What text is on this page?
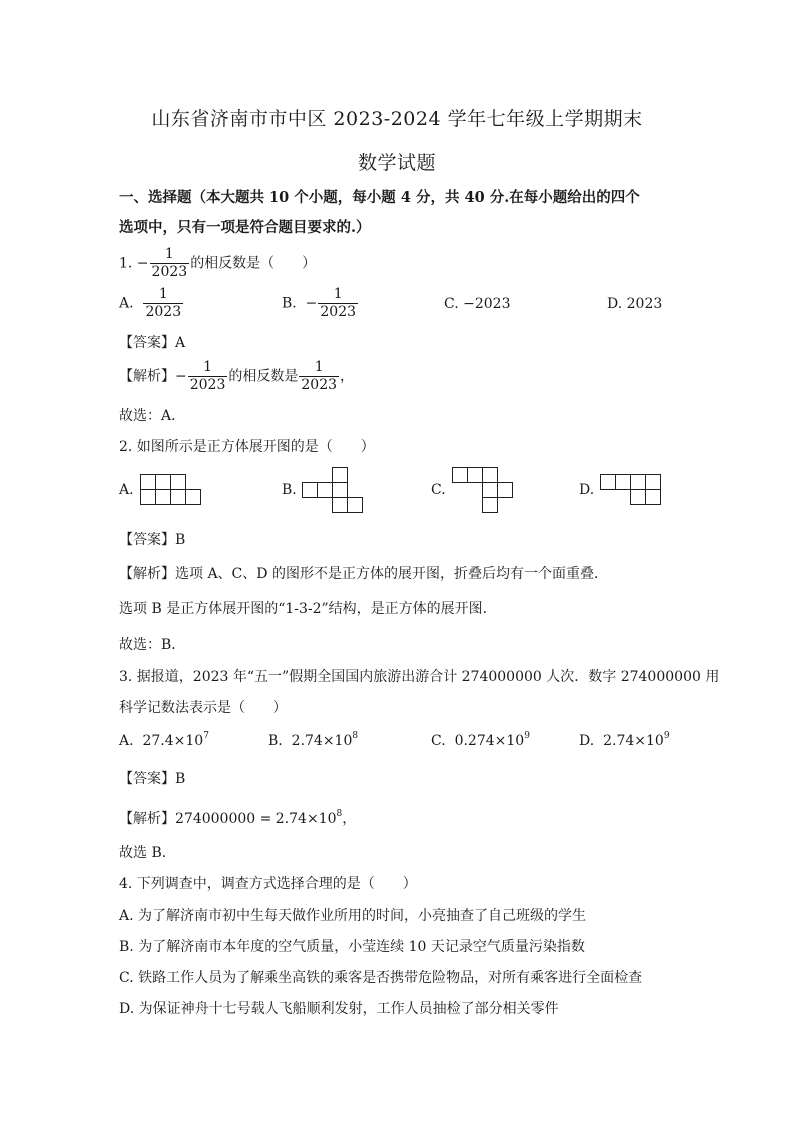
山东省济南市市中区 2023-2024 学年七年级上学期期末
数学试题
一、选择题（本大题共 10 个小题，每小题 4 分，共 40 分.在每小题给出的四个
选项中，只有一项是符合题目要求的.）
1. − $\frac{1}{2023}$ 的相反数是（　　）
A. $\frac{1}{2023}$	B. − $\frac{1}{2023}$	C. −2023	D. 2023
【答案】A
【解析】− $\frac{1}{2023}$ 的相反数是 $\frac{1}{2023}$ ，
故选：A．
2. 如图所示是正方体展开图的是（　　）
A.	B.	C.	D.
【答案】B
【解析】选项 A、C、D 的图形不是正方体的展开图，折叠后均有一个面重叠．
选项 B 是正方体展开图的“1-3-2”结构，是正方体的展开图．
故选：B．
3. 据报道，2023 年“五一”假期全国国内旅游出游合计 274000000 人次．数字 274000000 用
科学记数法表示是（　　）
A. $27.4\times 10^7$	B. $2.74\times 10^8$	C. $0.274\times 10^9$	D. $2.74\times 10^9$
【答案】B
【解析】$274000000 = 2.74\times 10^8$，
故选 B．
4. 下列调查中，调查方式选择合理的是（　　）
A. 为了解济南市初中生每天做作业所用的时间，小亮抽查了自己班级的学生
B. 为了解济南市本年度的空气质量，小莹连续 10 天记录空气质量污染指数
C. 铁路工作人员为了解乘坐高铁的乘客是否携带危险物品，对所有乘客进行全面检查
D. 为保证神舟十七号载人飞船顺利发射，工作人员抽检了部分相关零件
